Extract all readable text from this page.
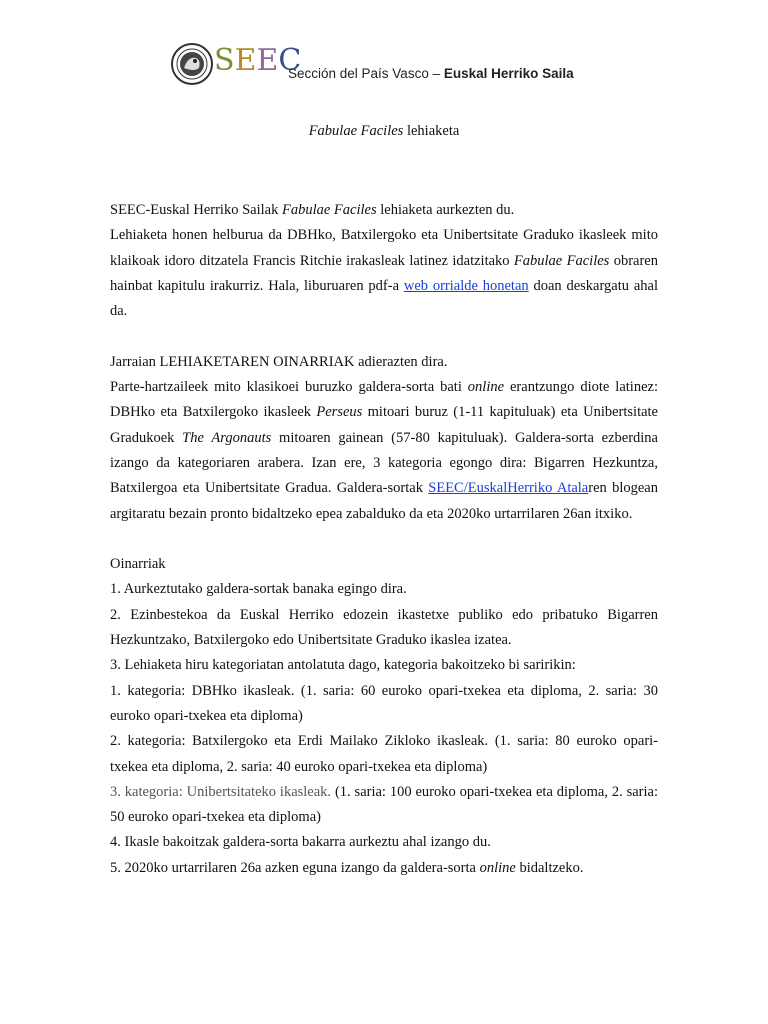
SEEC
Sección del País Vasco – Euskal Herriko Saila
Fabulae Faciles lehiaketa

SEEC-Euskal Herriko Sailak Fabulae Faciles lehiaketa aurkezten du.

Lehiaketa honen helburua da DBHko, Batxilergoko eta Unibertsitate Graduko ikasleek mito klaikoak idoro ditzatela Francis Ritchie irakasleak latinez idatzitako Fabulae Faciles obraren hainbat kapitulu irakurriz. Hala, liburuaren pdf-a web orrialde honetan doan deskargatu ahal da.

Jarraian LEHIAKETAREN OINARRIAK adierazten dira.

Parte-hartzaileek mito klasikoei buruzko galdera-sorta bati online erantzungo diote latinez: DBHko eta Batxilergoko ikasleek Perseus mitoari buruz (1-11 kapituluak) eta Unibertsitate Gradukoek The Argonauts mitoaren gainean (57-80 kapituluak). Galdera-sorta ezberdina izango da kategoriaren arabera. Izan ere, 3 kategoria egongo dira: Bigarren Hezkuntza, Batxilergoa eta Unibertsitate Gradua. Galdera-sortak SEEC/EuskalHerriko Atalaren blogean argitaratu bezain pronto bidaltzeko epea zabalduko da eta 2020ko urtarrilaren 26an itxiko.

Oinarriak

1. Aurkeztutako galdera-sortak banaka egingo dira.

2. Ezinbestekoa da Euskal Herriko edozein ikastetxe publiko edo pribatuko Bigarren Hezkuntzako, Batxilergoko edo Unibertsitate Graduko ikaslea izatea.

3. Lehiaketa hiru kategoriatan antolatuta dago, kategoria bakoitzeko bi saririkin:

1. kategoria: DBHko ikasleak. (1. saria: 60 euroko opari-txekea eta diploma, 2. saria: 30 euroko opari-txekea eta diploma)

2. kategoria: Batxilergoko eta Erdi Mailako Zikloko ikasleak. (1. saria: 80 euroko opari-txekea eta diploma, 2. saria: 40 euroko opari-txekea eta diploma)

3. kategoria: Unibertsitateko ikasleak. (1. saria: 100 euroko opari-txekea eta diploma, 2. saria: 50 euroko opari-txekea eta diploma)

4. Ikasle bakoitzak galdera-sorta bakarra aurkeztu ahal izango du.

5. 2020ko urtarrilaren 26a azken eguna izango da galdera-sorta online bidaltzeko.
